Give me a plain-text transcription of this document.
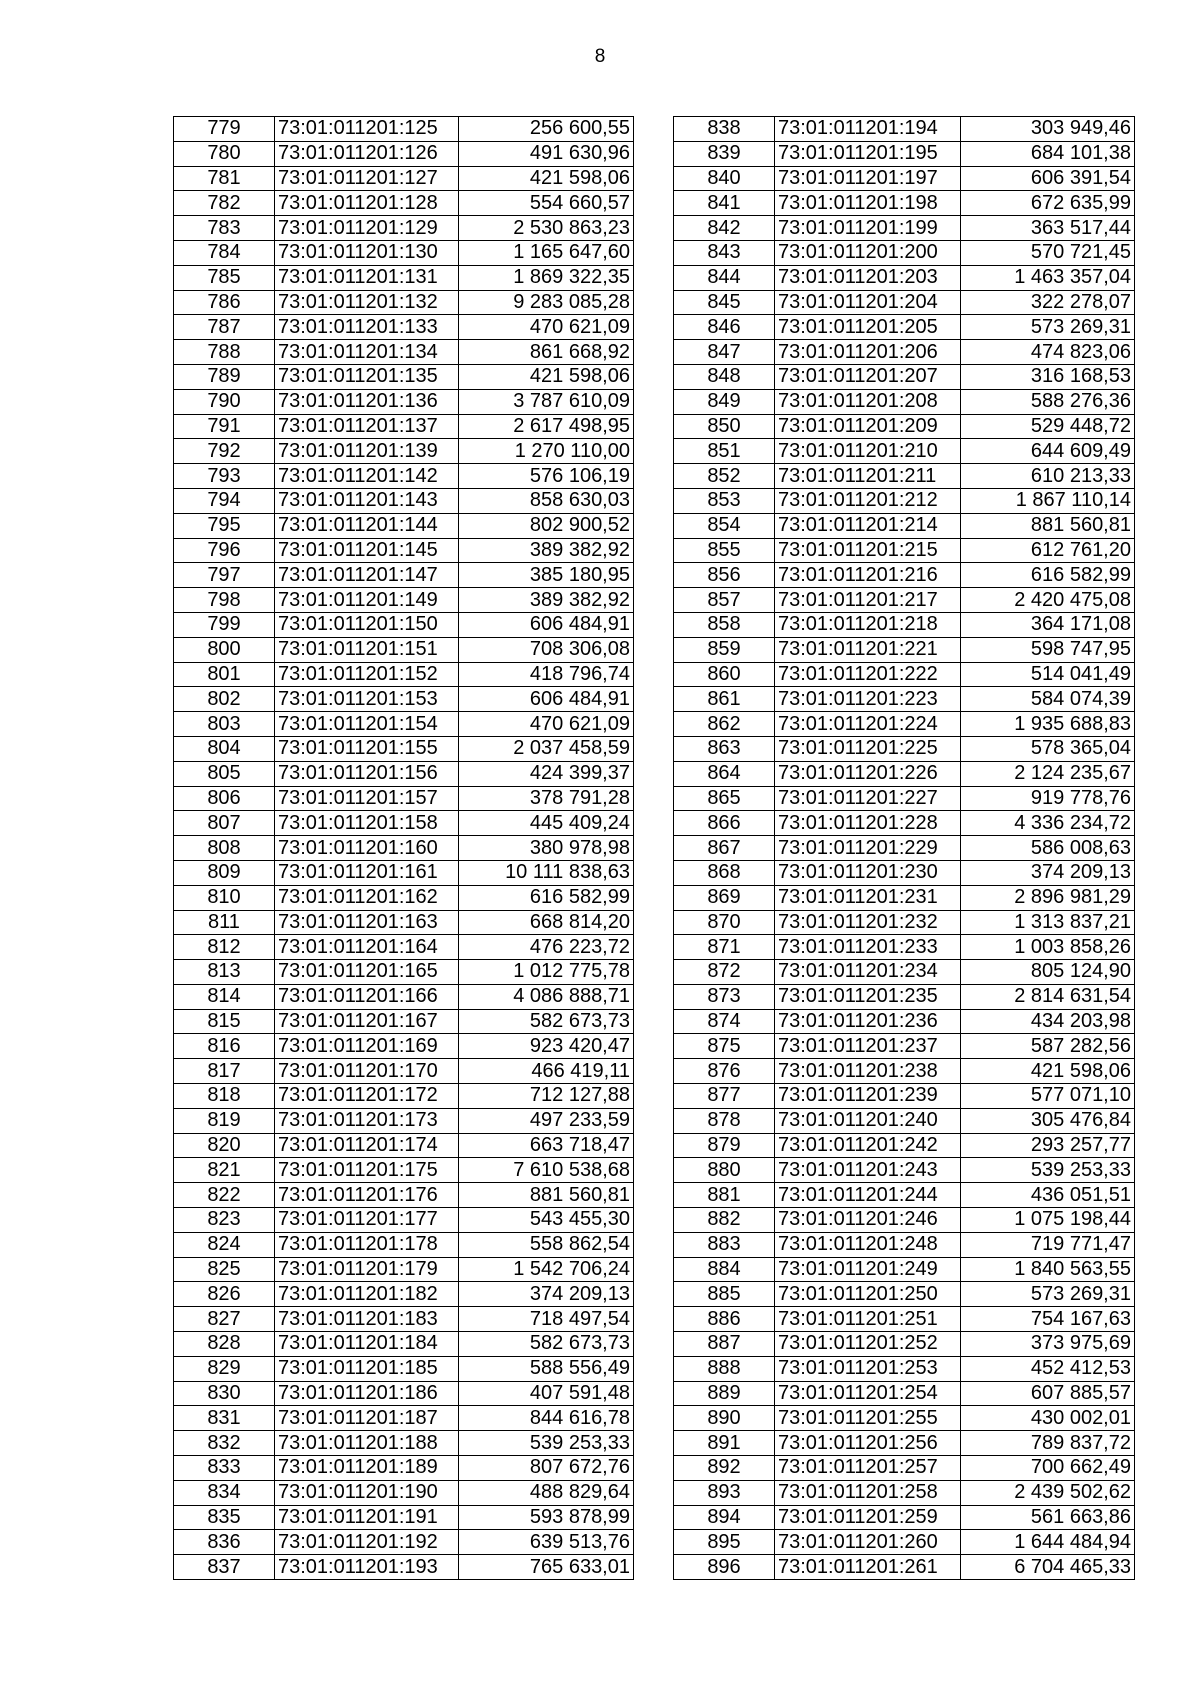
8
779	73:01:011201:125	256 600,55
780	73:01:011201:126	491 630,96
781	73:01:011201:127	421 598,06
782	73:01:011201:128	554 660,57
783	73:01:011201:129	2 530 863,23
784	73:01:011201:130	1 165 647,60
785	73:01:011201:131	1 869 322,35
786	73:01:011201:132	9 283 085,28
787	73:01:011201:133	470 621,09
788	73:01:011201:134	861 668,92
789	73:01:011201:135	421 598,06
790	73:01:011201:136	3 787 610,09
791	73:01:011201:137	2 617 498,95
792	73:01:011201:139	1 270 110,00
793	73:01:011201:142	576 106,19
794	73:01:011201:143	858 630,03
795	73:01:011201:144	802 900,52
796	73:01:011201:145	389 382,92
797	73:01:011201:147	385 180,95
798	73:01:011201:149	389 382,92
799	73:01:011201:150	606 484,91
800	73:01:011201:151	708 306,08
801	73:01:011201:152	418 796,74
802	73:01:011201:153	606 484,91
803	73:01:011201:154	470 621,09
804	73:01:011201:155	2 037 458,59
805	73:01:011201:156	424 399,37
806	73:01:011201:157	378 791,28
807	73:01:011201:158	445 409,24
808	73:01:011201:160	380 978,98
809	73:01:011201:161	10 111 838,63
810	73:01:011201:162	616 582,99
811	73:01:011201:163	668 814,20
812	73:01:011201:164	476 223,72
813	73:01:011201:165	1 012 775,78
814	73:01:011201:166	4 086 888,71
815	73:01:011201:167	582 673,73
816	73:01:011201:169	923 420,47
817	73:01:011201:170	466 419,11
818	73:01:011201:172	712 127,88
819	73:01:011201:173	497 233,59
820	73:01:011201:174	663 718,47
821	73:01:011201:175	7 610 538,68
822	73:01:011201:176	881 560,81
823	73:01:011201:177	543 455,30
824	73:01:011201:178	558 862,54
825	73:01:011201:179	1 542 706,24
826	73:01:011201:182	374 209,13
827	73:01:011201:183	718 497,54
828	73:01:011201:184	582 673,73
829	73:01:011201:185	588 556,49
830	73:01:011201:186	407 591,48
831	73:01:011201:187	844 616,78
832	73:01:011201:188	539 253,33
833	73:01:011201:189	807 672,76
834	73:01:011201:190	488 829,64
835	73:01:011201:191	593 878,99
836	73:01:011201:192	639 513,76
837	73:01:011201:193	765 633,01
838	73:01:011201:194	303 949,46
839	73:01:011201:195	684 101,38
840	73:01:011201:197	606 391,54
841	73:01:011201:198	672 635,99
842	73:01:011201:199	363 517,44
843	73:01:011201:200	570 721,45
844	73:01:011201:203	1 463 357,04
845	73:01:011201:204	322 278,07
846	73:01:011201:205	573 269,31
847	73:01:011201:206	474 823,06
848	73:01:011201:207	316 168,53
849	73:01:011201:208	588 276,36
850	73:01:011201:209	529 448,72
851	73:01:011201:210	644 609,49
852	73:01:011201:211	610 213,33
853	73:01:011201:212	1 867 110,14
854	73:01:011201:214	881 560,81
855	73:01:011201:215	612 761,20
856	73:01:011201:216	616 582,99
857	73:01:011201:217	2 420 475,08
858	73:01:011201:218	364 171,08
859	73:01:011201:221	598 747,95
860	73:01:011201:222	514 041,49
861	73:01:011201:223	584 074,39
862	73:01:011201:224	1 935 688,83
863	73:01:011201:225	578 365,04
864	73:01:011201:226	2 124 235,67
865	73:01:011201:227	919 778,76
866	73:01:011201:228	4 336 234,72
867	73:01:011201:229	586 008,63
868	73:01:011201:230	374 209,13
869	73:01:011201:231	2 896 981,29
870	73:01:011201:232	1 313 837,21
871	73:01:011201:233	1 003 858,26
872	73:01:011201:234	805 124,90
873	73:01:011201:235	2 814 631,54
874	73:01:011201:236	434 203,98
875	73:01:011201:237	587 282,56
876	73:01:011201:238	421 598,06
877	73:01:011201:239	577 071,10
878	73:01:011201:240	305 476,84
879	73:01:011201:242	293 257,77
880	73:01:011201:243	539 253,33
881	73:01:011201:244	436 051,51
882	73:01:011201:246	1 075 198,44
883	73:01:011201:248	719 771,47
884	73:01:011201:249	1 840 563,55
885	73:01:011201:250	573 269,31
886	73:01:011201:251	754 167,63
887	73:01:011201:252	373 975,69
888	73:01:011201:253	452 412,53
889	73:01:011201:254	607 885,57
890	73:01:011201:255	430 002,01
891	73:01:011201:256	789 837,72
892	73:01:011201:257	700 662,49
893	73:01:011201:258	2 439 502,62
894	73:01:011201:259	561 663,86
895	73:01:011201:260	1 644 484,94
896	73:01:011201:261	6 704 465,33
